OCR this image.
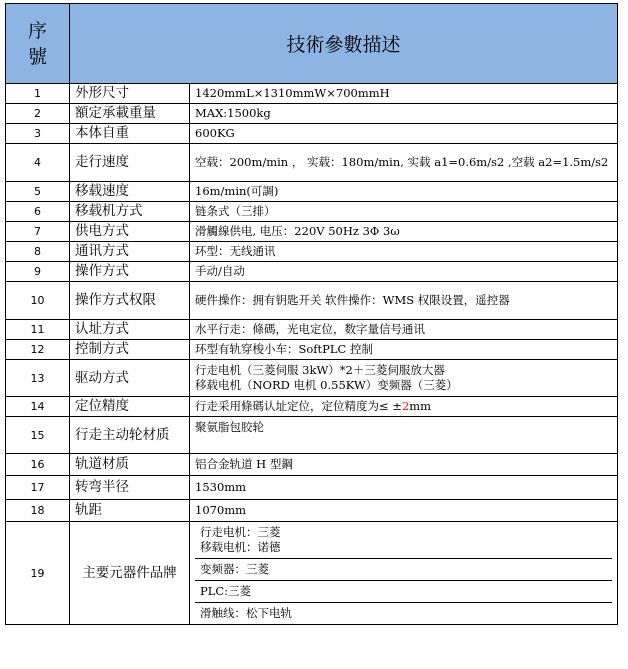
序號	技術參數描述	
1	外形尺寸	1420mmL×1310mmW×700mmH
2	額定承載重量	MAX:1500kg
3	本体自重	600KG
4	走行速度	空载：200m/min ， 实载：180m/min, 实载 a1=0.6m/s2 ,空载 a2=1.5m/s2
5	移载速度	16m/min(可調)
6	移载机方式	链条式（三排）
7	供电方式	滑觸線供电, 电压：220V 50Hz 3Φ 3ω
8	通讯方式	环型：无线通讯
9	操作方式	手动/自动
10	操作方式权限	硬件操作：拥有钥匙开关 软件操作：WMS 权限设置，遥控器
11	认址方式	水平行走：條碼，光电定位，数字量信号通讯
12	控制方式	环型有轨穿梭小车：SoftPLC 控制
13	驱动方式	行走电机（三菱伺服 3kW）*2＋三菱伺服放大器
移载电机（NORD 电机 0.55KW）变频器（三菱）

14	定位精度	行走采用條碼认址定位，定位精度为≤ ±2mm
15	行走主动轮材质	聚氨脂包胶轮
16	轨道材质	铝合金轨道 H 型鋼
17	转弯半径	1530mm
18	轨距	1070mm
19	主要元器件品牌	行走电机：三菱
移载电机：诺德
变频器：三菱
PLC:三菱
滑触线：松下电轨
